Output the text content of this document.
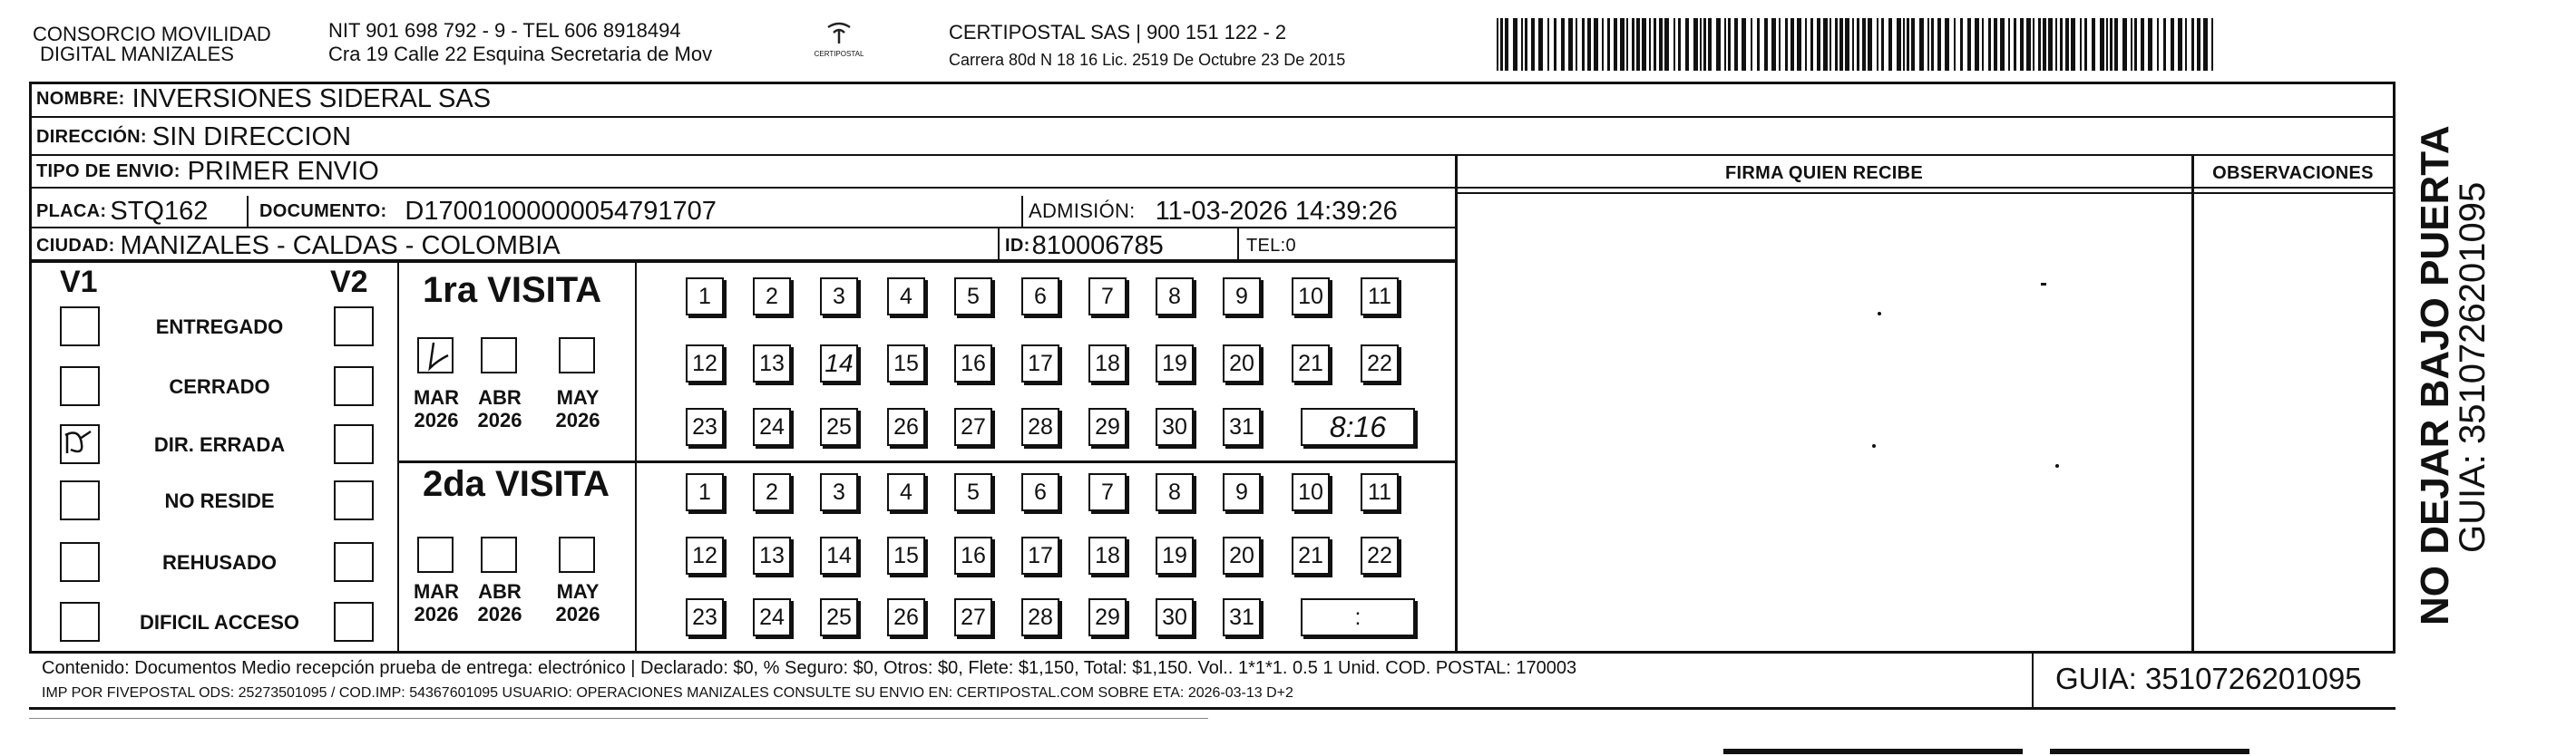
CONSORCIO MOVILIDAD
DIGITAL MANIZALES
NIT 901 698 792 - 9 - TEL 606 8918494
Cra 19 Calle 22 Esquina Secretaria de Mov	CERTIPOSTAL
CERTIPOSTAL SAS | 900 151 122 - 2
Carrera 80d N 18 16 Lic. 2519 De Octubre 23 De 2015
NOMBRE: INVERSIONES SIDERAL SAS
DIRECCIÓN: SIN DIRECCION
TIPO DE ENVIO: PRIMER ENVIO	FIRMA QUIEN RECIBE	OBSERVACIONES
PLACA: STQ162	DOCUMENTO: D17001000000054791707	ADMISIÓN: 11-03-2026 14:39:26
CIUDAD: MANIZALES - CALDAS - COLOMBIA	ID: 810006785	TEL: 0
V1	V2
ENTREGADO
CERRADO
DIR. ERRADA
NO RESIDE
REHUSADO
DIFICIL ACCESO
1ra VISITA
2da VISITA
MAR
2026
ABR
2026
MAY
2026
1	2	3	4	5	6	7	8	9	10	11
12 13 14 15 16 17 18 19 20 21 22
23 24 25 26 27 28 29 30 31	8:16
MAR
2026
ABR
2026
MAY
2026
1	2	3	4	5	6	7	8	9	10	11
12 13 14 15 16 17 18 19 20 21 22
23 24 25 26 27 28 29 30 31	:
Contenido: Documentos Medio recepción prueba de entrega: electrónico | Declarado: $0, % Seguro: $0, Otros: $0, Flete: $1,150, Total: $1,150. Vol.. 1*1*1. 0.5 1 Unid. COD. POSTAL: 170003
IMP POR FIVEPOSTAL ODS: 25273501095 / COD.IMP: 54367601095 USUARIO: OPERACIONES MANIZALES CONSULTE SU ENVIO EN: CERTIPOSTAL.COM SOBRE ETA: 2026-03-13 D+2	GUIA: 3510726201095
NO DEJAR BAJO PUERTA
GUIA: 3510726201095
